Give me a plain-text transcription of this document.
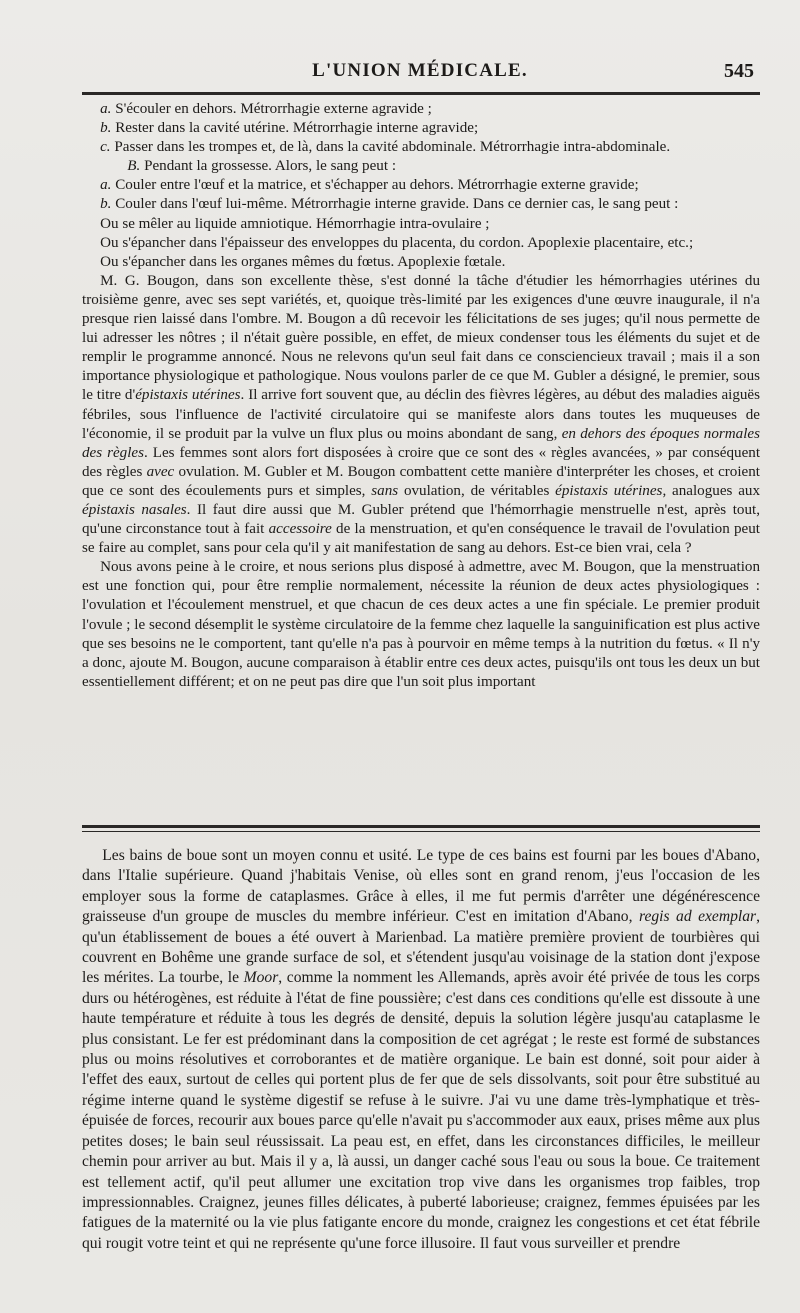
L'UNION MÉDICALE.	545

a. S'écouler en dehors. Métrorrhagie externe agravide ;

b. Rester dans la cavité utérine. Métrorrhagie interne agravide;

c. Passer dans les trompes et, de là, dans la cavité abdominale. Métrorrhagie intra-abdominale.

B. Pendant la grossesse. Alors, le sang peut :

a. Couler entre l'œuf et la matrice, et s'échapper au dehors. Métrorrhagie externe gravide;

b. Couler dans l'œuf lui-même. Métrorrhagie interne gravide. Dans ce dernier cas, le sang peut :

Ou se mêler au liquide amniotique. Hémorrhagie intra-ovulaire ;

Ou s'épancher dans l'épaisseur des enveloppes du placenta, du cordon. Apoplexie placentaire, etc.;

Ou s'épancher dans les organes mêmes du fœtus. Apoplexie fœtale.

M. G. Bougon, dans son excellente thèse, s'est donné la tâche d'étudier les hémorrhagies utérines du troisième genre, avec ses sept variétés, et, quoique très-limité par les exigences d'une œuvre inaugurale, il n'a presque rien laissé dans l'ombre. M. Bougon a dû recevoir les félicitations de ses juges; qu'il nous permette de lui adresser les nôtres ; il n'était guère possible, en effet, de mieux condenser tous les éléments du sujet et de remplir le programme annoncé. Nous ne relevons qu'un seul fait dans ce consciencieux travail ; mais il a son importance physiologique et pathologique. Nous voulons parler de ce que M. Gubler a désigné, le premier, sous le titre d'épistaxis utérines. Il arrive fort souvent que, au déclin des fièvres légères, au début des maladies aiguës fébriles, sous l'influence de l'activité circulatoire qui se manifeste alors dans toutes les muqueuses de l'économie, il se produit par la vulve un flux plus ou moins abondant de sang, en dehors des époques normales des règles. Les femmes sont alors fort disposées à croire que ce sont des « règles avancées, » par conséquent des règles avec ovulation. M. Gubler et M. Bougon combattent cette manière d'interpréter les choses, et croient que ce sont des écoulements purs et simples, sans ovulation, de véritables épistaxis utérines, analogues aux épistaxis nasales. Il faut dire aussi que M. Gubler prétend que l'hémorrhagie menstruelle n'est, après tout, qu'une circonstance tout à fait accessoire de la menstruation, et qu'en conséquence le travail de l'ovulation peut se faire au complet, sans pour cela qu'il y ait manifestation de sang au dehors. Est-ce bien vrai, cela ?

Nous avons peine à le croire, et nous serions plus disposé à admettre, avec M. Bougon, que la menstruation est une fonction qui, pour être remplie normalement, nécessite la réunion de deux actes physiologiques : l'ovulation et l'écoulement menstruel, et que chacun de ces deux actes a une fin spéciale. Le premier produit l'ovule ; le second désemplit le système circulatoire de la femme chez laquelle la sanguinification est plus active que ses besoins ne le comportent, tant qu'elle n'a pas à pourvoir en même temps à la nutrition du fœtus. « Il n'y a donc, ajoute M. Bougon, aucune comparaison à établir entre ces deux actes, puisqu'ils ont tous les deux un but essentiellement différent; et on ne peut pas dire que l'un soit plus important

Les bains de boue sont un moyen connu et usité. Le type de ces bains est fourni par les boues d'Abano, dans l'Italie supérieure. Quand j'habitais Venise, où elles sont en grand renom, j'eus l'occasion de les employer sous la forme de cataplasmes. Grâce à elles, il me fut permis d'arrêter une dégénérescence graisseuse d'un groupe de muscles du membre inférieur. C'est en imitation d'Abano, regis ad exemplar, qu'un établissement de boues a été ouvert à Marienbad. La matière première provient de tourbières qui couvrent en Bohême une grande surface de sol, et s'étendent jusqu'au voisinage de la station dont j'expose les mérites. La tourbe, le Moor, comme la nomment les Allemands, après avoir été privée de tous les corps durs ou hétérogènes, est réduite à l'état de fine poussière; c'est dans ces conditions qu'elle est dissoute à une haute température et réduite à tous les degrés de densité, depuis la solution légère jusqu'au cataplasme le plus consistant. Le fer est prédominant dans la composition de cet agrégat ; le reste est formé de substances plus ou moins résolutives et corroborantes et de matière organique. Le bain est donné, soit pour aider à l'effet des eaux, surtout de celles qui portent plus de fer que de sels dissolvants, soit pour être substitué au régime interne quand le système digestif se refuse à le suivre. J'ai vu une dame très-lymphatique et très-épuisée de forces, recourir aux boues parce qu'elle n'avait pu s'accommoder aux eaux, prises même aux plus petites doses; le bain seul réussissait. La peau est, en effet, dans les circonstances difficiles, le meilleur chemin pour arriver au but. Mais il y a, là aussi, un danger caché sous l'eau ou sous la boue. Ce traitement est tellement actif, qu'il peut allumer une excitation trop vive dans les organismes trop faibles, trop impressionnables. Craignez, jeunes filles délicates, à puberté laborieuse; craignez, femmes épuisées par les fatigues de la maternité ou la vie plus fatigante encore du monde, craignez les congestions et cet état fébrile qui rougit votre teint et qui ne représente qu'une force illusoire. Il faut vous surveiller et prendre
